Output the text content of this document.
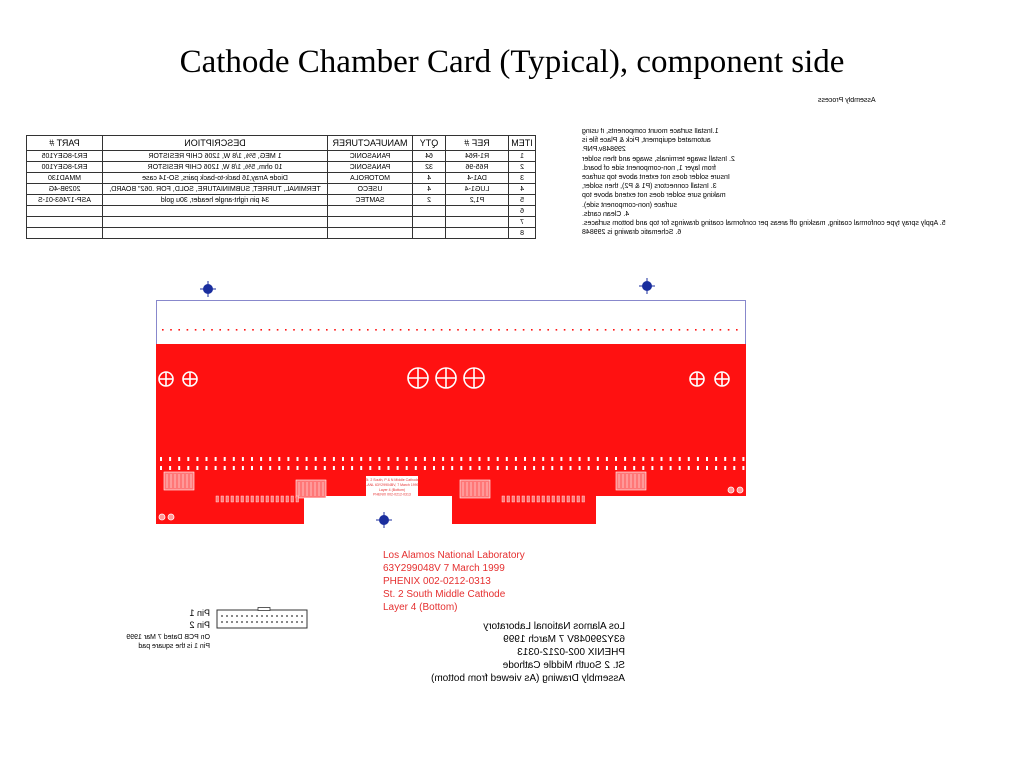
Cathode Chamber Card (Typical), component side
Assembly Process
1.Install surface mount components, if using
automated equipment, Pick & Place file is
299848v.PNP.
2. Install swage terminals, swage and then solder
from layer 1, non-component side of board.
Insure solder does not extent above top surface
3. Install connectors (P1 & P2), then solder,
making sure solder does not extend above top
surface (non-component side).
4. Clean cards.
5. Apply spray type conformal coating, masking off areas per conformal coating drawings for top and bottom surfaces.
6. Schematic drawing is 299848
ITEM	REF #	QTY	MANUFACTURER	DESCRIPTION	PART #
1	R1-R64	64	PANASONIC	1 MEG, 5%, 1/8 W, 1206 CHIP RESISTOR	ERJ-8GEY105
2	R65-96	32	PANASONIC	10 ohm, 5%, 1/8 W, 1206 CHIP RESISTOR	ERJ-8GEY100
3	DA1-4	4	MOTOROLA	Diode Array,16 back-to-back pairs, SO-14 case	MMAD130
4	LUG1-4	4	USECO	TERMINAL, TURRET, SUBMINIATURE, SOLD, FOR .062" BOARD,	2029B-4G
5	P1,2	2	SAMTEC	34 pin right-angle header, 30u gold	ASP-17463-01-S
6					
7					
8					
St. 2 South, P & N Middle Cathode
LANL 63Y29904BV, 7 March 1999
Layer 4 (Bottom)
PHENIX 002-0212-0313
Los Alamos National Laboratory
63Y299048V 7 March 1999
PHENIX 002-0212-0313
St. 2 South Middle Cathode
Layer 4 (Bottom)
Los Alamos National Laboratory
63Y299048V 7 March 1999
PHENIX 002-0212-0313
St. 2 South Middle Cathode
Assembly Drawing (As viewed from bottom)
Pin 1
Pin 2
On PCB Dated 7 Mar 1999
Pin 1 is the square pad
